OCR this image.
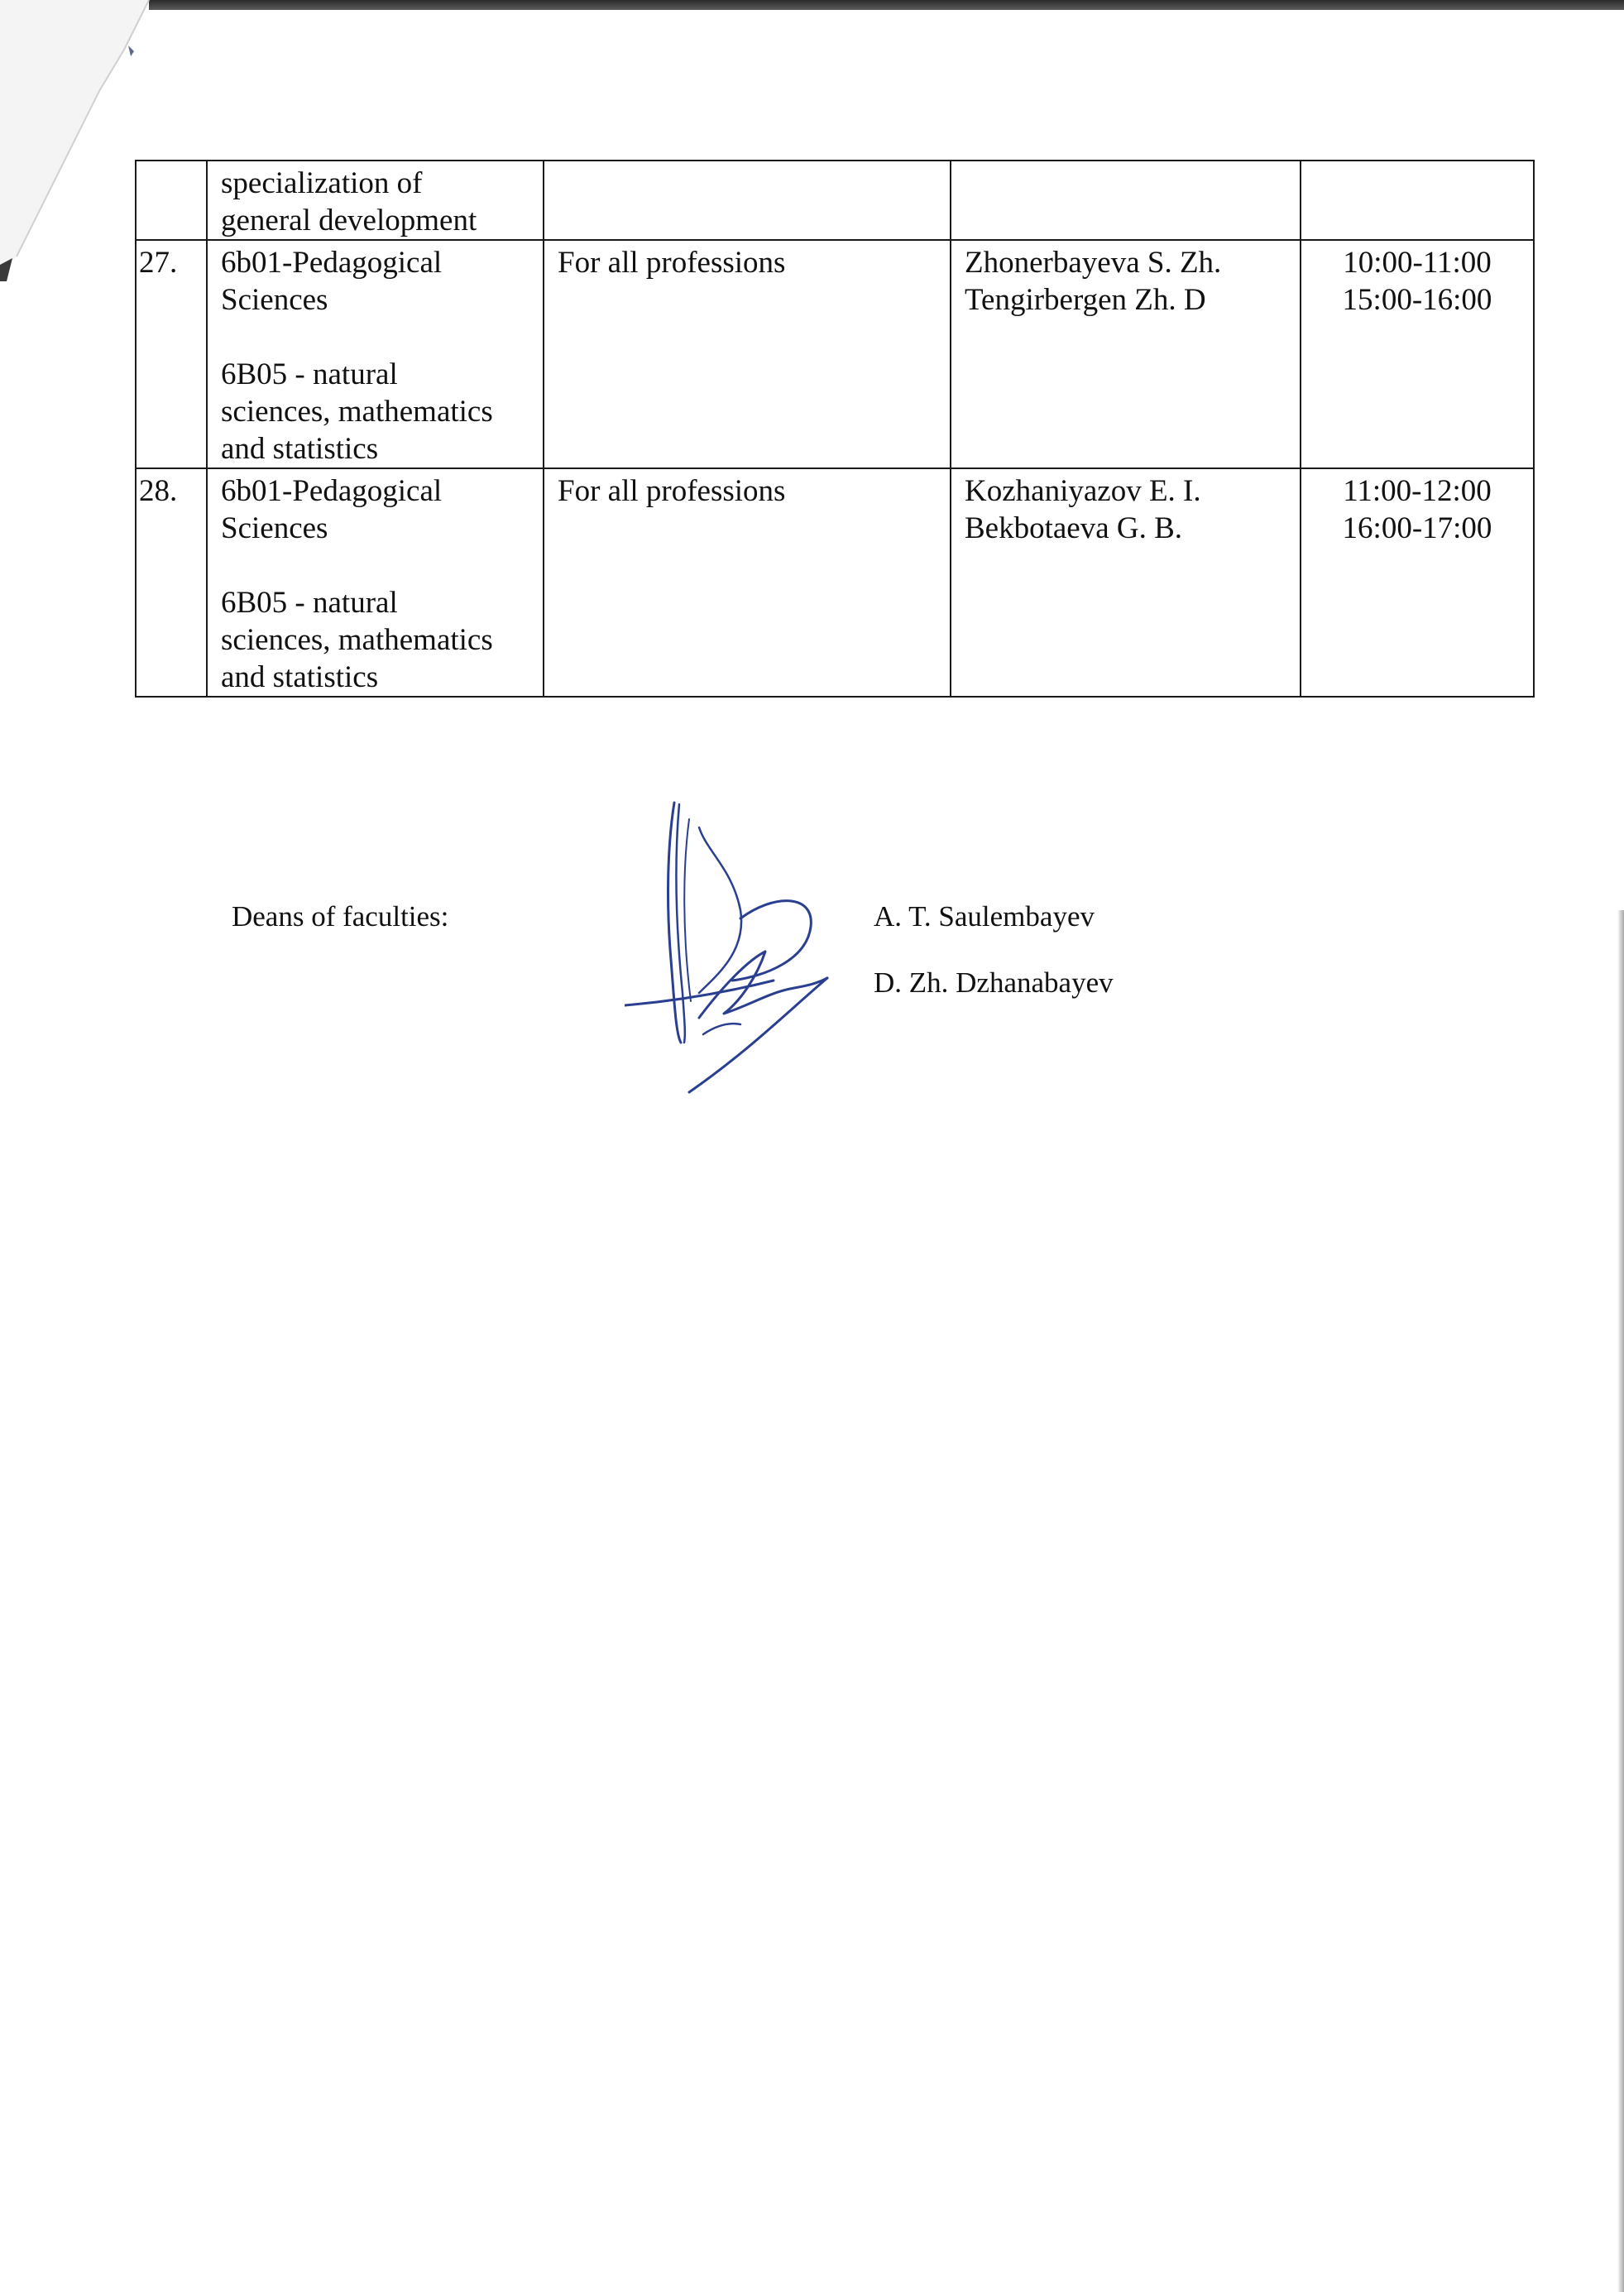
	specialization of
general development			

27.	6b01-Pedagogical
Sciences
6B05 - natural
sciences, mathematics
and statistics	For all professions	Zhonerbayeva S. Zh.
Tengirbergen Zh. D	10:00-11:00
15:00-16:00

28.	6b01-Pedagogical
Sciences
6B05 - natural
sciences, mathematics
and statistics	For all professions	Kozhaniyazov E. I.
Bekbotaeva G. B.	11:00-12:00
16:00-17:00
Deans of faculties:	A. T. Saulembayev
D. Zh. Dzhanabayev
